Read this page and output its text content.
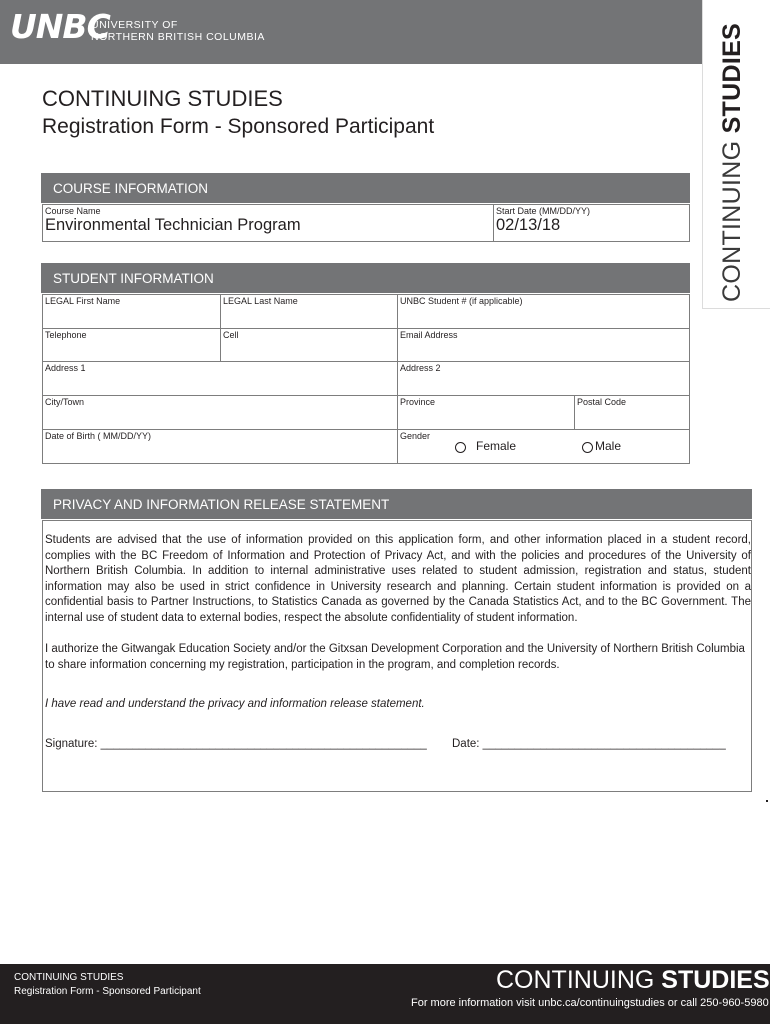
UNBC
UNIVERSITY OF
NORTHERN BRITISH COLUMBIA
CONTINUING STUDIES
CONTINUING STUDIES
Registration Form - Sponsored Participant
COURSE INFORMATION
Course Name
Environmental Technician Program
Start Date (MM/DD/YY)
02/13/18
STUDENT INFORMATION
LEGAL First Name	LEGAL Last Name	UNBC Student # (if applicable)
Telephone	Cell	Email Address
Address 1	Address 2
City/Town	Province	Postal Code
Date of Birth ( MM/DD/YY)	Gender
Female	Male
PRIVACY AND INFORMATION RELEASE STATEMENT
Students are advised that the use of information provided on this application form, and other information placed in a student record, complies with the BC Freedom of Information and Protection of Privacy Act, and with the policies and procedures of the University of Northern British Columbia. In addition to internal administrative uses related to student admission, registration and status, student information may also be used in strict confidence in University research and planning. Certain student information is provided on a confidential basis to Partner Instructions, to Statistics Canada as governed by the Canada Statistics Act, and to the BC Government. The internal use of student data to external bodies, respect the absolute confidentiality of student information.
I authorize the Gitwangak Education Society and/or the Gitxsan Development Corporation and the University of Northern British Columbia to share information concerning my registration, participation in the program, and completion records.
I have read and understand the privacy and information release statement.
Signature: ___________________________________________________ Date: ______________________________________
CONTINUING STUDIES
Registration Form - Sponsored Participant	CONTINUING STUDIES
For more information visit unbc.ca/continuingstudies or call 250-960-5980
